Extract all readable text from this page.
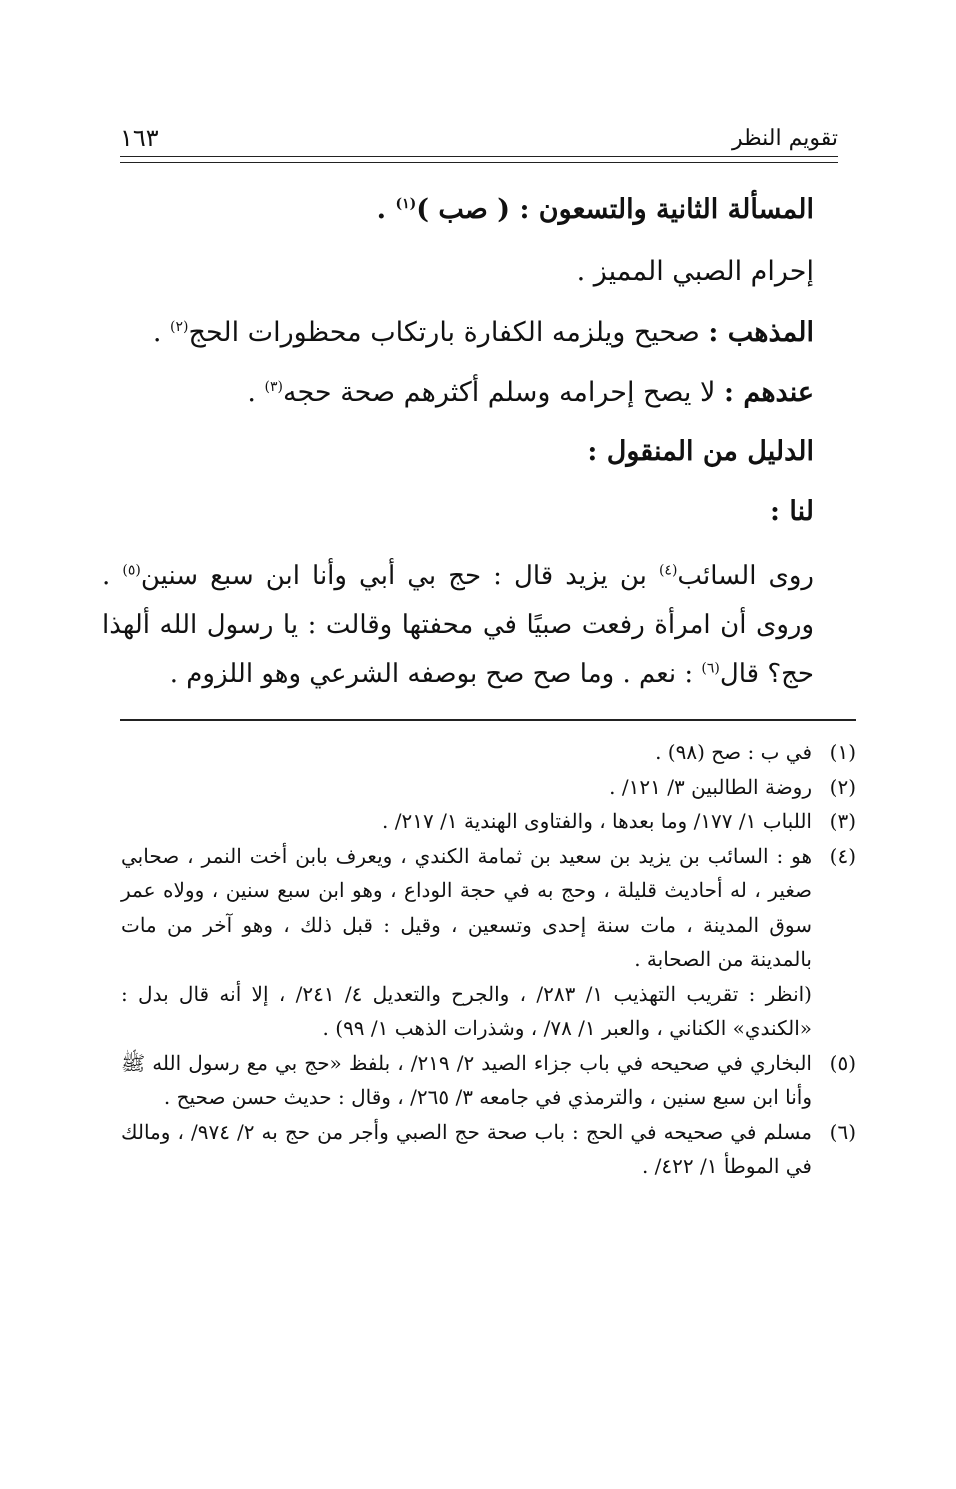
تقويم النظر
١٦٣
المسألة الثانية والتسعون : ( صب )$^{(١)}$ .
إحرام الصبي المميز .
المذهب : صحيح ويلزمه الكفارة بارتكاب محظورات الحج$^{(٢)}$ .
عندهم : لا يصح إحرامه وسلم أكثرهم صحة حجه$^{(٣)}$ .
الدليل من المنقول :
لنا :
روى السائب$^{(٤)}$ بن يزيد قال : حج بي أبي وأنا ابن سبع سنين$^{(٥)}$ . وروى أن امرأة رفعت صبيًا في محفتها وقالت : يا رسول الله ألهذا حج؟ قال$^{(٦)}$ : نعم . وما صح صح بوصفه الشرعي وهو اللزوم .
(١)
في ب : صح (٩٨) .
(٢)
روضة الطالبين ٣/ ١٢١/ .
(٣)
اللباب ١/ ١٧٧/ وما بعدها ، والفتاوى الهندية ١/ ٢١٧/ .
(٤)
هو : السائب بن يزيد بن سعيد بن ثمامة الكندي ، ويعرف بابن أخت النمر ، صحابي صغير ، له أحاديث قليلة ، وحج به في حجة الوداع ، وهو ابن سبع سنين ، وولاه عمر سوق المدينة ، مات سنة إحدى وتسعين ، وقيل : قبل ذلك ، وهو آخر من مات بالمدينة من الصحابة .
(انظر : تقريب التهذيب ١/ ٢٨٣/ ، والجرح والتعديل ٤/ ٢٤١/ ، إلا أنه قال بدل : «الكندي» الكناني ، والعبر ١/ ٧٨/ ، وشذرات الذهب ١/ ٩٩) .
(٥)
البخاري في صحيحه في باب جزاء الصيد ٢/ ٢١٩/ ، بلفظ «حج بي مع رسول الله ﷺ وأنا ابن سبع سنين ، والترمذي في جامعه ٣/ ٢٦٥/ ، وقال : حديث حسن صحيح .
(٦)
مسلم في صحيحه في الحج : باب صحة حج الصبي وأجر من حج به ٢/ ٩٧٤/ ، ومالك في الموطأ ١/ ٤٢٢/ .
